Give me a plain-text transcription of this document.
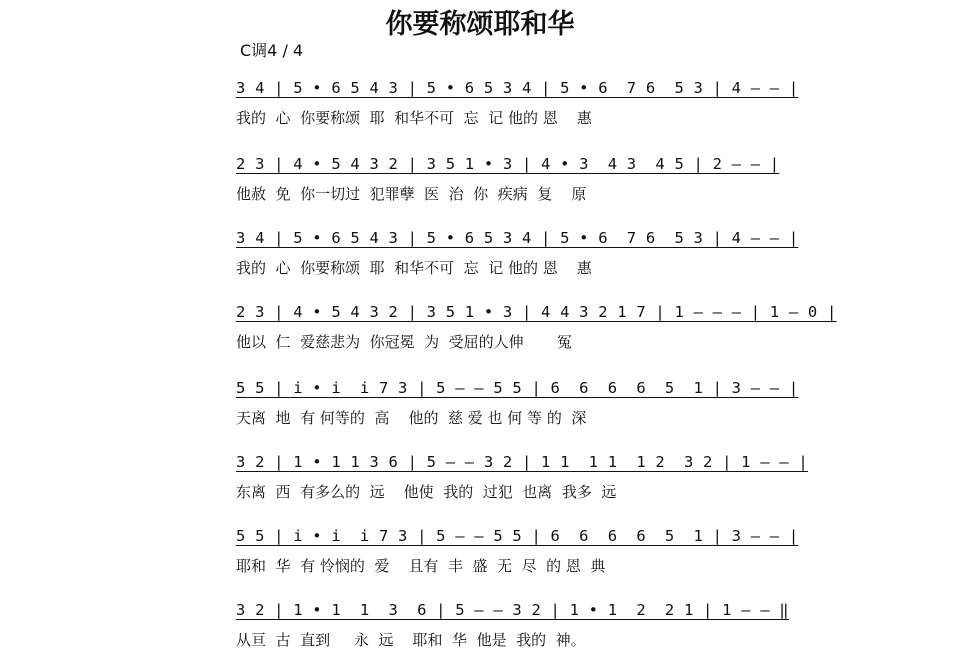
你要称颂耶和华
C调4 / 4
3 4 | 5 • 6 5 4 3 | 5 • 6 5 3 4 | 5 • 6  7 6  5 3 | 4 — — |
我的  心  你要称颂  耶  和华不可  忘  记 他的 恩    惠
2 3 | 4 • 5 4 3 2 | 3 5 1 • 3 | 4 • 3  4 3  4 5 | 2 — — |
他赦  免  你一切过  犯罪孽  医  治  你  疾病  复    原
3 4 | 5 • 6 5 4 3 | 5 • 6 5 3 4 | 5 • 6  7 6  5 3 | 4 — — |
我的  心  你要称颂  耶  和华不可  忘  记 他的 恩    惠
2 3 | 4 • 5 4 3 2 | 3 5 1 • 3 | 4 4 3 2 1 7 | 1 — — — | 1 — 0 |
他以  仁  爱慈悲为  你冠冕  为  受屈的人伸       冤
5 5 | i • i  i 7 3 | 5 — — 5 5 | 6  6  6  6  5  1 | 3 — — |
天离  地  有 何等的  高    他的  慈 爱 也 何 等 的  深
3 2 | 1 • 1 1 3 6 | 5 — — 3 2 | 1 1  1 1  1 2  3 2 | 1 — — |
东离  西  有多么的  远    他使  我的  过犯  也离  我多  远
5 5 | i • i  i 7 3 | 5 — — 5 5 | 6  6  6  6  5  1 | 3 — — |
耶和  华  有 怜悯的  爱    且有  丰  盛  无  尽  的 恩  典
3 2 | 1 • 1  1  3  6 | 5 — — 3 2 | 1 • 1  2  2 1 | 1 — — ‖
从亘  古  直到     永  远    耶和  华  他是  我的  神。
